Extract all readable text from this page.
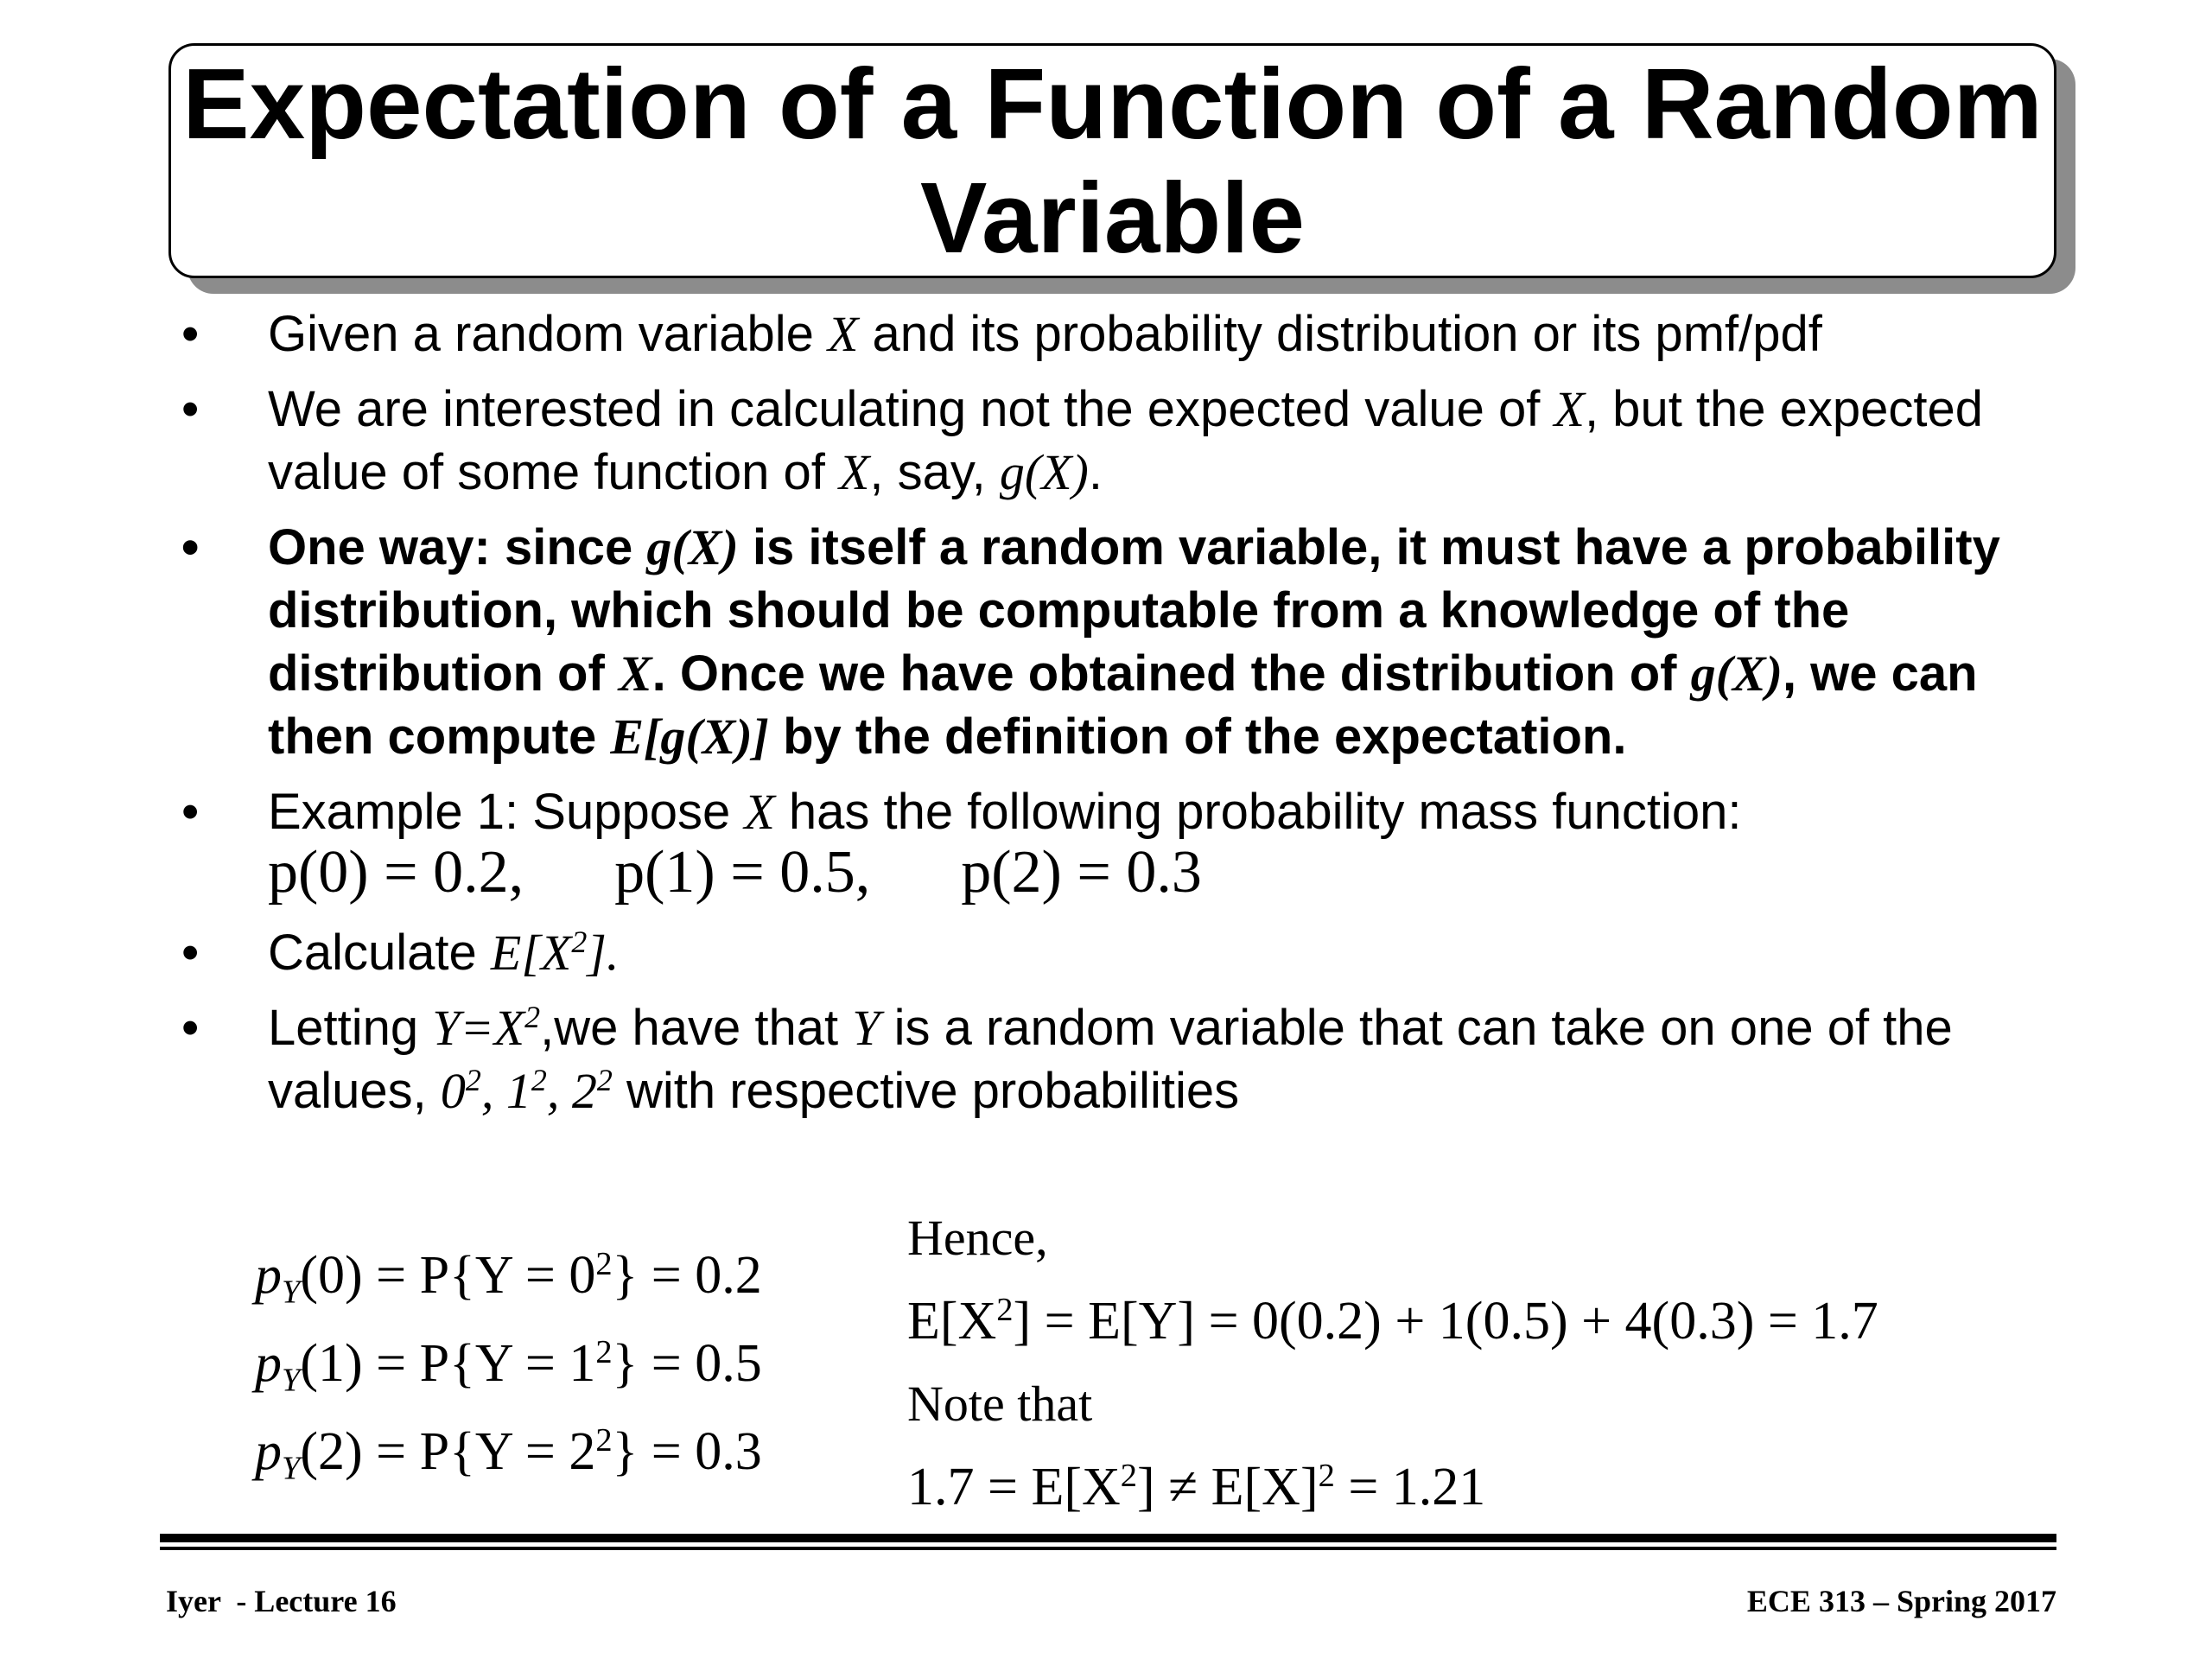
Expectation of a Function of a Random
Variable
• Given a random variable X and its probability distribution or its pmf/pdf
• We are interested in calculating not the expected value of X, but the expected value of some function of X, say, g(X).
• One way: since g(X) is itself a random variable, it must have a probability distribution, which should be computable from a knowledge of the distribution of X. Once we have obtained the distribution of g(X), we can then compute E[g(X)] by the definition of the expectation.
• Example 1: Suppose X has the following probability mass function:
p(0) = 0.2, p(1) = 0.5, p(2) = 0.3
• Calculate $E[X^2]$.
• Letting $Y=X^2,we$ have that Y is a random variable that can take on one of the values, $0^2$, $1^2$, $2^2$ with respective probabilities
$p_Y(0) = P\{Y = 0^2\} = 0.2$
$p_Y(1) = P\{Y = 1^2\} = 0.5$
$p_Y(2) = P\{Y = 2^2\} = 0.3$
Hence,
$E[X^2] = E[Y] = 0(0.2) + 1(0.5) + 4(0.3) = 1.7$
Note that
$1.7 = E[X^2] \ne E[X]^2 = 1.21$
Iyer  - Lecture 16	ECE 313 – Spring 2017
